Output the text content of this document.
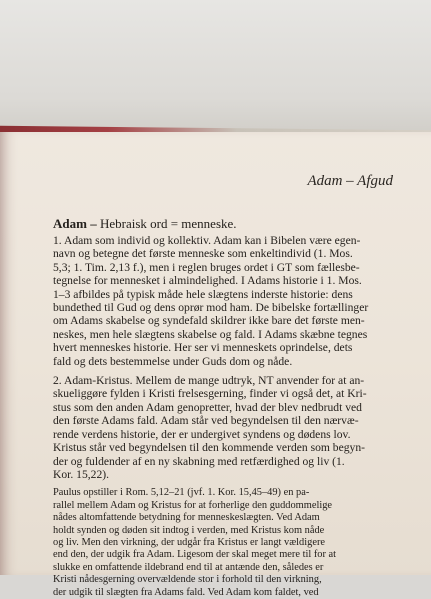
Adam – Afgud
Adam – Hebraisk ord = menneske.
1. Adam som individ og kollektiv. Adam kan i Bibelen være egen-
navn og betegne det første menneske som enkeltindivid (1. Mos.
5,3; 1. Tim. 2,13 f.), men i reglen bruges ordet i GT som fællesbe-
tegnelse for mennesket i almindelighed. I Adams historie i 1. Mos.
1–3 afbildes på typisk måde hele slægtens inderste historie: dens
bundethed til Gud og dens oprør mod ham. De bibelske fortællinger
om Adams skabelse og syndefald skildrer ikke bare det første men-
neskes, men hele slægtens skabelse og fald. I Adams skæbne tegnes
hvert menneskes historie. Her ser vi menneskets oprindelse, dets
fald og dets bestemmelse under Guds dom og nåde.
2. Adam-Kristus. Mellem de mange udtryk, NT anvender for at an-
skueliggøre fylden i Kristi frelsesgerning, finder vi også det, at Kri-
stus som den anden Adam genopretter, hvad der blev nedbrudt ved
den første Adams fald. Adam står ved begyndelsen til den nærvæ-
rende verdens historie, der er undergivet syndens og dødens lov.
Kristus står ved begyndelsen til den kommende verden som begyn-
der og fuldender af en ny skabning med retfærdighed og liv (1.
Kor. 15,22).
Paulus opstiller i Rom. 5,12–21 (jvf. 1. Kor. 15,45–49) en pa-
rallel mellem Adam og Kristus for at forherlige den guddommelige
nådes altomfattende betydning for menneskeslægten. Ved Adam
holdt synden og døden sit indtog i verden, med Kristus kom nåde
og liv. Men den virkning, der udgår fra Kristus er langt vældigere
end den, der udgik fra Adam. Ligesom der skal meget mere til for at
slukke en omfattende ildebrand end til at antænde den, således er
Kristi nådesgerning overvældende stor i forhold til den virkning,
der udgik til slægten fra Adams fald. Ved Adam kom faldet, ved
